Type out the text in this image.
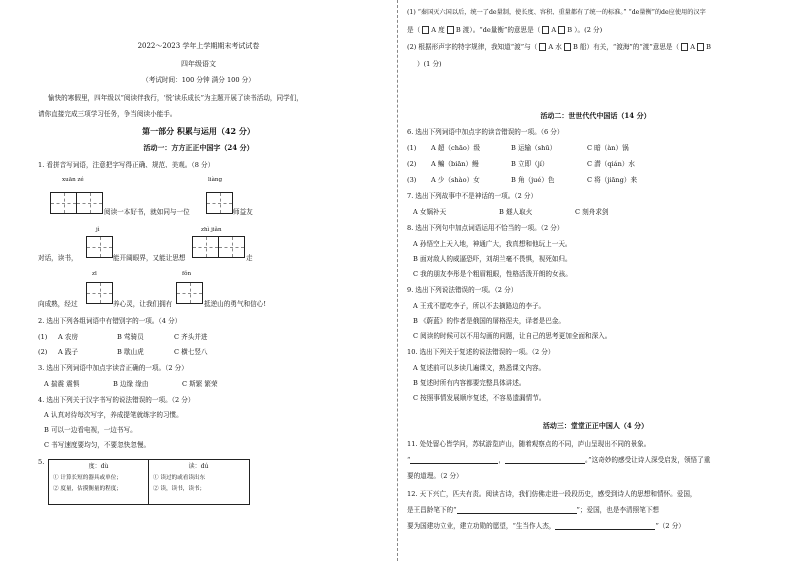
2022～2023 学年上学期期末考试试卷
四年级语文
（考试时间：100 分钟 满分 100 分）
愉快的寒假里，四年级以“阅读伴我行，‘悦’读乐成长”为主题开展了读书活动，同学们，
请你直接完成三项学习任务，争当阅读小能手。
第一部分 积累与运用（42 分）
活动一：方方正正中国字（24 分）
1. 看拼音写词语，注意把字写得正确、规范、美观。（8 分）
xuān zé	liàng
阅读一本好书，就如同与一位	师益友
jì	zhì jiǎn
对话，读书，	能开阔眼界，又能让思想	走
zī	fǒn
向成熟，经过	养心灵，让我们拥有	抵逆山的勇气和信心!
2. 选出下列各组词语中有错别字的一项。（4 分）
(1) A 农房	B 莺骑员	C 齐头并进
(2) A 践子	B 歇山虎	C 横七竖八
3. 选出下列词语中加点字读音正确的一项。（2 分）
A 揣震 震惧	B 边缘 缘由	C 斯繁 繁荣
4. 选出下列关于汉字书写的说法错误的一项。（2 分）
A 认真对待每次写字，养成提笔就练字的习惯。
B 可以一边看电视，一边书写。
C 书写速度要均匀，不要忽快忽慢。
5.
度：dù
① 计算长短的器具或单位；
② 度量，估摸衡量的程度；
读：dú
① 读过的或看读出东
② 读，读书，读书；
(1) “秦国灭六国以后，统一了de量制，使长度、容积、重量都有了统一的标准。” “de量衡”的de应使用的汉字
是（ A 度 B 渡）。“de量衡”的意思是（ A B ）。(2 分)
(2) 根据形声字的特字规律，我知道“渡”与（ A 水 B 船）有关，“渡海”的“渡”意思是（ A B
）(1 分)
活动二：世世代代中国话（14 分）
6. 选出下列词语中加点字的读音错误的一项。（6 分）
(1) A 超（chāo）级	B 运输（shū）	C 暗（àn）锅
(2) A 鳊（biān）鳗	B 立即（jí）	C 潜（qián）水
(3) A 少（shào）女	B 角（jué）色	C 将（jiāng）来
7. 选出下列故事中不是神话的一项。（2 分）
A 女娲补天	B 燧人取火	C 刻舟求剑
8. 选出下列句中加点词语运用不恰当的一项。（2 分）
A 孙悟空上天入地，神通广大，我真想和他玩上一天。
B 面对敌人的威逼恐吓，刘胡兰毫不畏惧，视死如归。
C 我的朋友李彤是个粗眉粗眼，性格活泼开朗的女孩。
9. 选出下列说法错误的一项。（2 分）
A 王戎不愿吃李子，所以不去摘路边的李子。
B 《蔚蓝》的作者是俄国的屠格涅夫，译者是巴金。
C 阅读的时候可以不用勾画的问题，让自己的思考更加全面和深入。
10. 选出下列关于复述的说法错误的一项。（2 分）
A 复述前可以多读几遍课文，熟悉课文内容。
B 复述时所有内容都要完整具体讲述。
C 按照事情发展顺序复述，不容易遗漏情节。
活动三：堂堂正正中国人（4 分）
11. 处处留心皆学问，苏轼游览庐山，随着观察点的不同，庐山呈现出不同的景象。
“	，	。”这奇妙的感受让诗人深受启发，领悟了重
要的道理。（2 分）
12. 天下兴亡，匹夫有责。阅读古诗，我们仿佛走进一段段历史，感受到诗人的思想和情怀。爱国，
是王昌龄笔下的“	”；爱国，也是李清照笔下想
要为国建功立业，建立功勋的愿望，“生当作人杰，	”（2 分）
